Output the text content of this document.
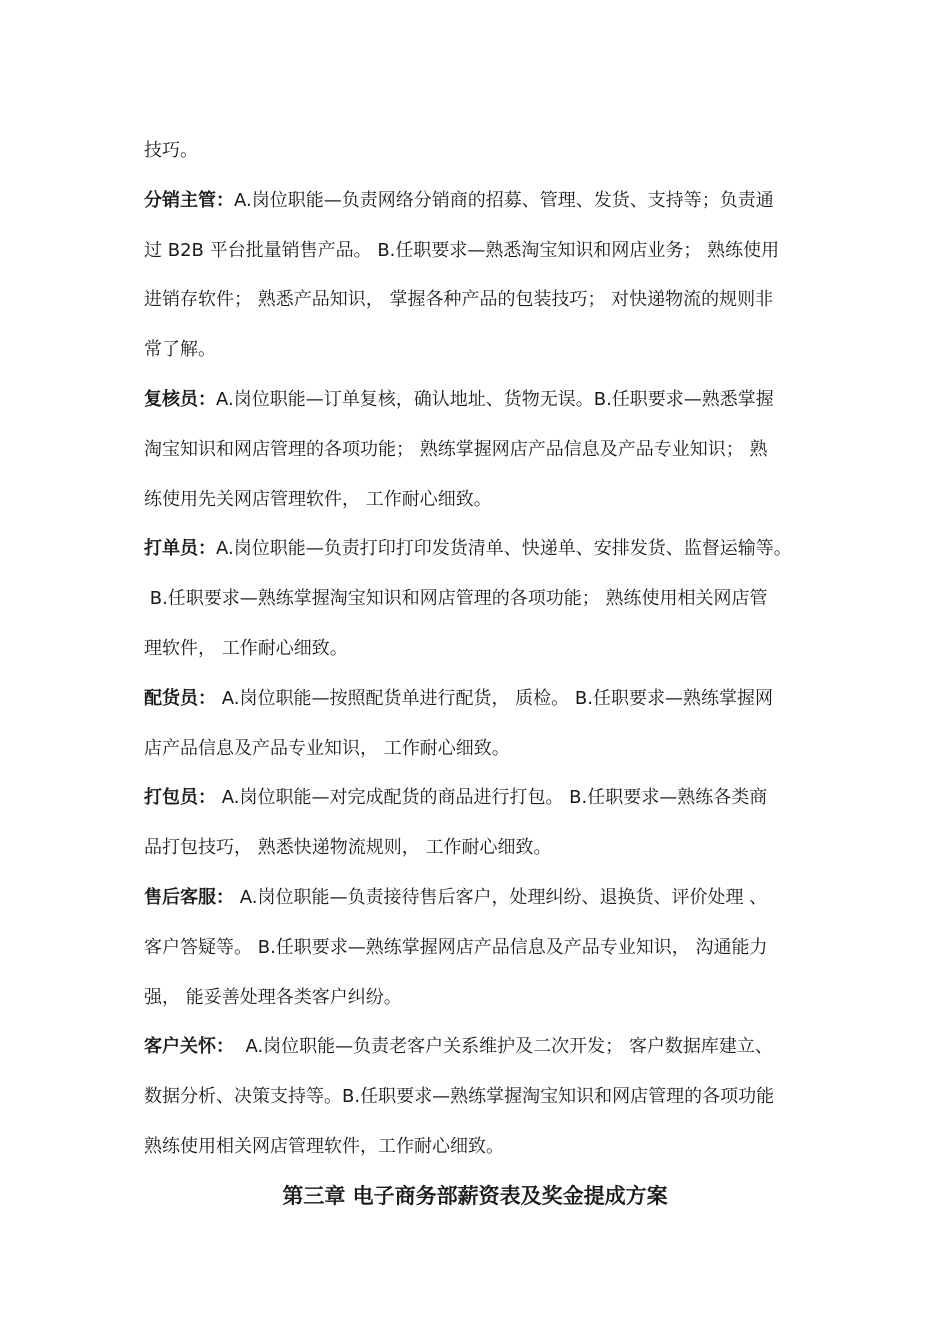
技巧。
分销主管：A.岗位职能—负责网络分销商的招募、管理、发货、支持等；负责通
过 B2B 平台批量销售产品。 B.任职要求—熟悉淘宝知识和网店业务； 熟练使用
进销存软件； 熟悉产品知识， 掌握各种产品的包装技巧； 对快递物流的规则非
常了解。
复核员：A.岗位职能—订单复核，确认地址、货物无误。B.任职要求—熟悉掌握
淘宝知识和网店管理的各项功能； 熟练掌握网店产品信息及产品专业知识； 熟
练使用先关网店管理软件， 工作耐心细致。
打单员：A.岗位职能—负责打印打印发货清单、快递单、安排发货、监督运输等。
B.任职要求—熟练掌握淘宝知识和网店管理的各项功能； 熟练使用相关网店管
理软件， 工作耐心细致。
配货员： A.岗位职能—按照配货单进行配货， 质检。 B.任职要求—熟练掌握网
店产品信息及产品专业知识， 工作耐心细致。
打包员： A.岗位职能—对完成配货的商品进行打包。 B.任职要求—熟练各类商
品打包技巧， 熟悉快递物流规则， 工作耐心细致。
售后客服： A.岗位职能—负责接待售后客户，处理纠纷、退换货、评价处理 、
客户答疑等。 B.任职要求—熟练掌握网店产品信息及产品专业知识， 沟通能力
强， 能妥善处理各类客户纠纷。
客户关怀：  A.岗位职能—负责老客户关系维护及二次开发； 客户数据库建立、
数据分析、决策支持等。B.任职要求—熟练掌握淘宝知识和网店管理的各项功能
熟练使用相关网店管理软件，工作耐心细致。
第三章 电子商务部薪资表及奖金提成方案
